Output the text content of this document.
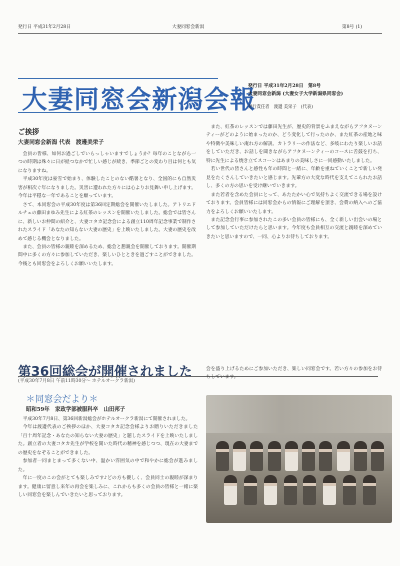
発行日 平成31年2月28日	大妻同窓会新潟	第8号 (1)
大妻同窓会新潟会報
発行日 平成31年2月28日　第8号
大妻同窓会新潟 (大妻女子大学新潟県同窓会)
発行責任者　渡邊 美栄子　(代表)
ご挨拶
大妻同窓会新潟 代表　渡邊美栄子

会員の皆様、如何お過ごしでいらっしゃいますでしょうか？毎年のことながら一つの時期は殊々に日が経つなかで忙しい感じが続き、季節ごとの変わり目は何とも気になりますね。

平成30年度は豪雪で始まり、体験したことのない酷暑となり、全国的にも自然災害が相次ぐ年になりました。災害に遭われた方々には心よりお見舞い申し上げます。今年は平穏な一年であることを願っています。

さて、本同窓会の平成30年度は第36回定期総会を開催いたしました。アトリエドルチェの藤田まゆみ先生による紅茶のレッスンを開催いたしました。総会では皆さんに、新しいお仲間の紹介と、大妻コタカ記念会による創立110周年記念事業で制作されたスライド「あなたの知らない大妻の歴史」を上映いたしました。大妻の歴史を改めて感じる機会となりました。

また、会員の皆様の親睦を深めるため、総会と懇親会を開催しております。開催期間中に多くの方々に参加していただき、楽しいひとときを過ごすことができました。今後とも同窓会をよろしくお願いいたします。

また、紅茶のレッスンでは藤田先生が、歴史的背景をふまえながらアフタヌーンティーがどのように始まったのか、どう変化して行ったのか、また紅茶の産地と味や特徴や美味しい淹れ方の解説、カトラリーの作法など、多岐にわたり楽しいお話をしていただき、お話しを聞きながらアフタヌーンティーのコースに舌鼓を打ち、特に先生による焼き立てスコーンはあまりの美味しさに一同感動いたしました。

若い世代の皆さんと感性も年の時間と一緒に、年齢を重ねていくことで新しい発見をたくさんしていきたいと感じます。先輩方の大変な時代を支えてこられたお話し、多くの方の思いを受け継いでいきます。

また若者を含めた会員にとって、あたたかい心で気持ちよく交流できる場を設けております。会員皆様には同窓会からの情報にご理解を頂き、会費の納入へのご協力をよろしくお願いいたします。

また記念会行事に参加されたこの多い会員の皆様にも、全く新しい出会いの場として参加していただけたらと思います。今年度も会員相互の交流と親睦を深めていきたいと思いますので、一同、心よりお待ちしております。

第36回総会が開催されました
(平成30年7月8日 午前11時30分〜 ホテルオークラ新潟)
＊同窓会だより＊
昭和59年　家政学部被服科卒　山田邦子

平成30年7月8日、第36回新潟総会がホテルオークラ新潟にて開催されました。

今年は渡邊代表のご挨拶のほか、大妻コタカ記念会様よりお贈りいただきました「百十周年記念・あなたの知らない大妻の歴史」と題したスライドを上映いたしました。創立者の大妻コタカ先生が学校を開いた時代の精神を感じつつ、現在の大妻までの歴史をなぞることができました。

参加者一同まとまって多くない中、温かい雰囲気の中で和やかに総会が進みました。

年に一度のこの会がとても楽しみです♪どの方も優しく、会員同士の親睦が深まります。健康に留意し来年の再会を楽しみに、これからも多くの会員の皆様と一緒に楽しい同窓会を楽しんでいきたいと思っております。

会を盛り上げるためにご参加いただき、楽しい同窓会です。若い方々の参加をお待ちしています。
